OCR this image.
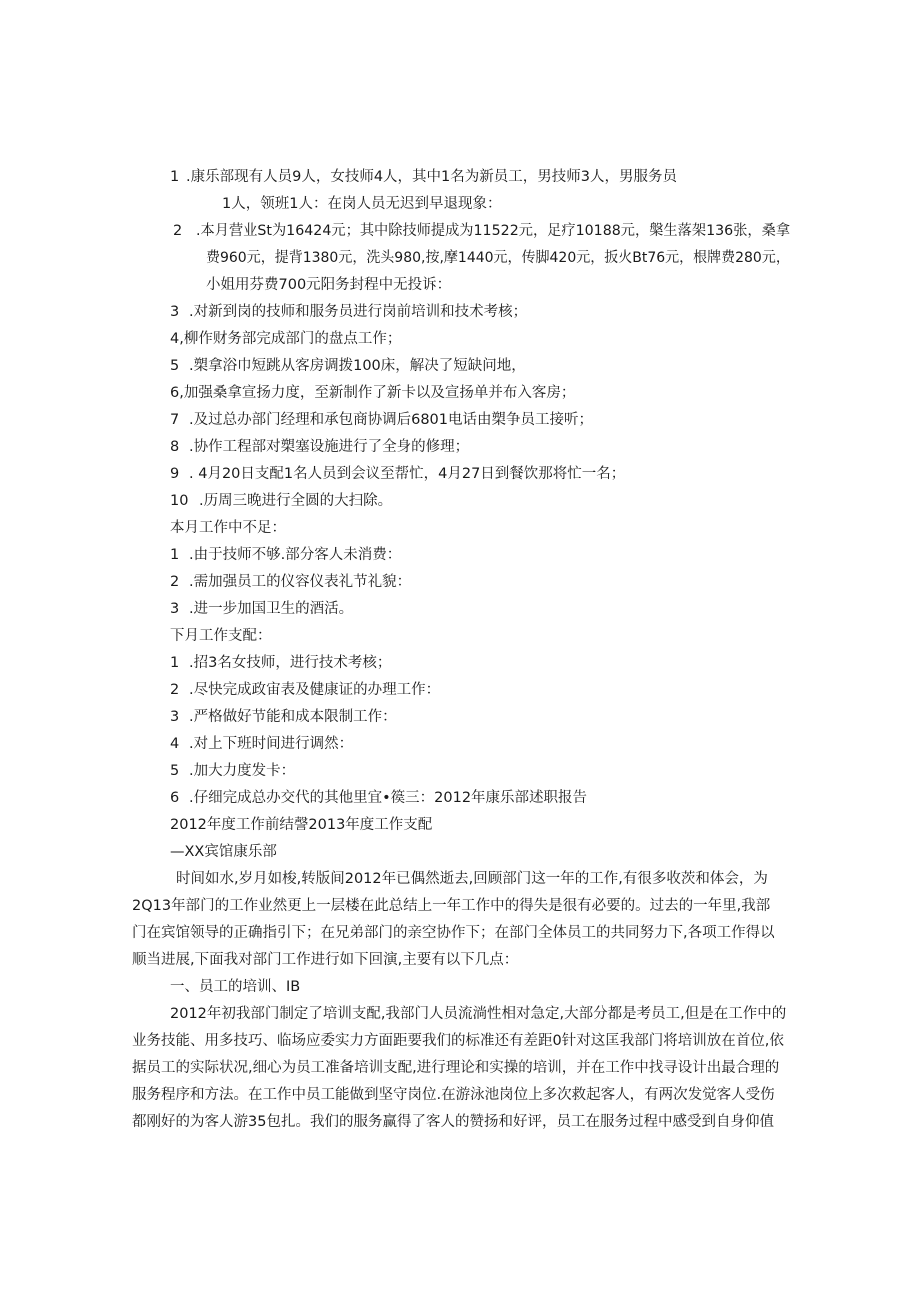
1 .康乐部现有人员9人，女技师4人，其中1名为新员工，男技师3人，男服务员
1人，领班1人：在岗人员无迟到早退现象：
2 .本月营业St为16424元；其中除技师提成为11522元，足疗10188元，槃生落架136张，桑拿
费960元，提背1380元，洗头980,按,摩1440元，传脚420元，扳火Bt76元，根牌费280元，
小姐用芬费700元阳务封程中无投诉：
3 .对新到岗的技师和服务员进行岗前培训和技术考核；
4,柳作财务部完成部门的盘点工作；
5 .槊拿浴巾短跳从客房调拨100床，解决了短缺问地，
6,加强桑拿宣扬力度，至新制作了新卡以及宣扬单并布入客房；
7 .及过总办部门经理和承包商协调后6801电话由槊争员工接听；
8 .协作工程部对槊塞设施进行了全身的修理；
9 . 4月20日支配1名人员到会议至帮忙，4月27日到餐饮那将忙一名；
10 .历周三晚进行全圆的大扫除。
本月工作中不足：
1 .由于技师不够.部分客人未消费：
2 .需加强员工的仪容仪表礼节礼貌：
3 .进一步加国卫生的酒活。
下月工作支配：
1 .招3名女技师，进行技术考核；
2 .尽快完成政宙表及健康证的办理工作：
3 .严格做好节能和成本限制工作：
4 .对上下班时间进行调然：
5 .加大力度发卡：
6 .仔细完成总办交代的其他里宜•篌三：2012年康乐部述职报告
2012年度工作前结謦2013年度工作支配
—XX宾馆康乐部
时间如水,岁月如梭,转版间2012年已偶然逝去,回顾部门这一年的工作,有很多收茨和体会，为
2Q13年部门的工作业然更上一层楼在此总结上一年工作中的得失是很有必要的。过去的一年里,我部
门在宾馆领导的正确指引下；在兄弟部门的亲空协作下；在部门全体员工的共同努力下,各项工作得以
顺当进展,下面我对部门工作进行如下回演,主要有以下几点：
一、员工的培训、IB
2012年初我部门制定了培训支配,我部门人员流淌性相对急定,大部分都是考员工,但是在工作中的
业务技能、用多技巧、临场应委实力方面距要我们的标准还有差距0针对这匡我部门将培训放在首位,依
据员工的实际状况,细心为员工准备培训支配,进行理论和实操的培训，并在工作中找寻设计出最合理的
服务程序和方法。在工作中员工能做到坚守岗位.在游泳池岗位上多次救起客人，有两次发觉客人受伤
都刚好的为客人游35包扎。我们的服务赢得了客人的赞扬和好评，员工在服务过程中感受到自身仰值
